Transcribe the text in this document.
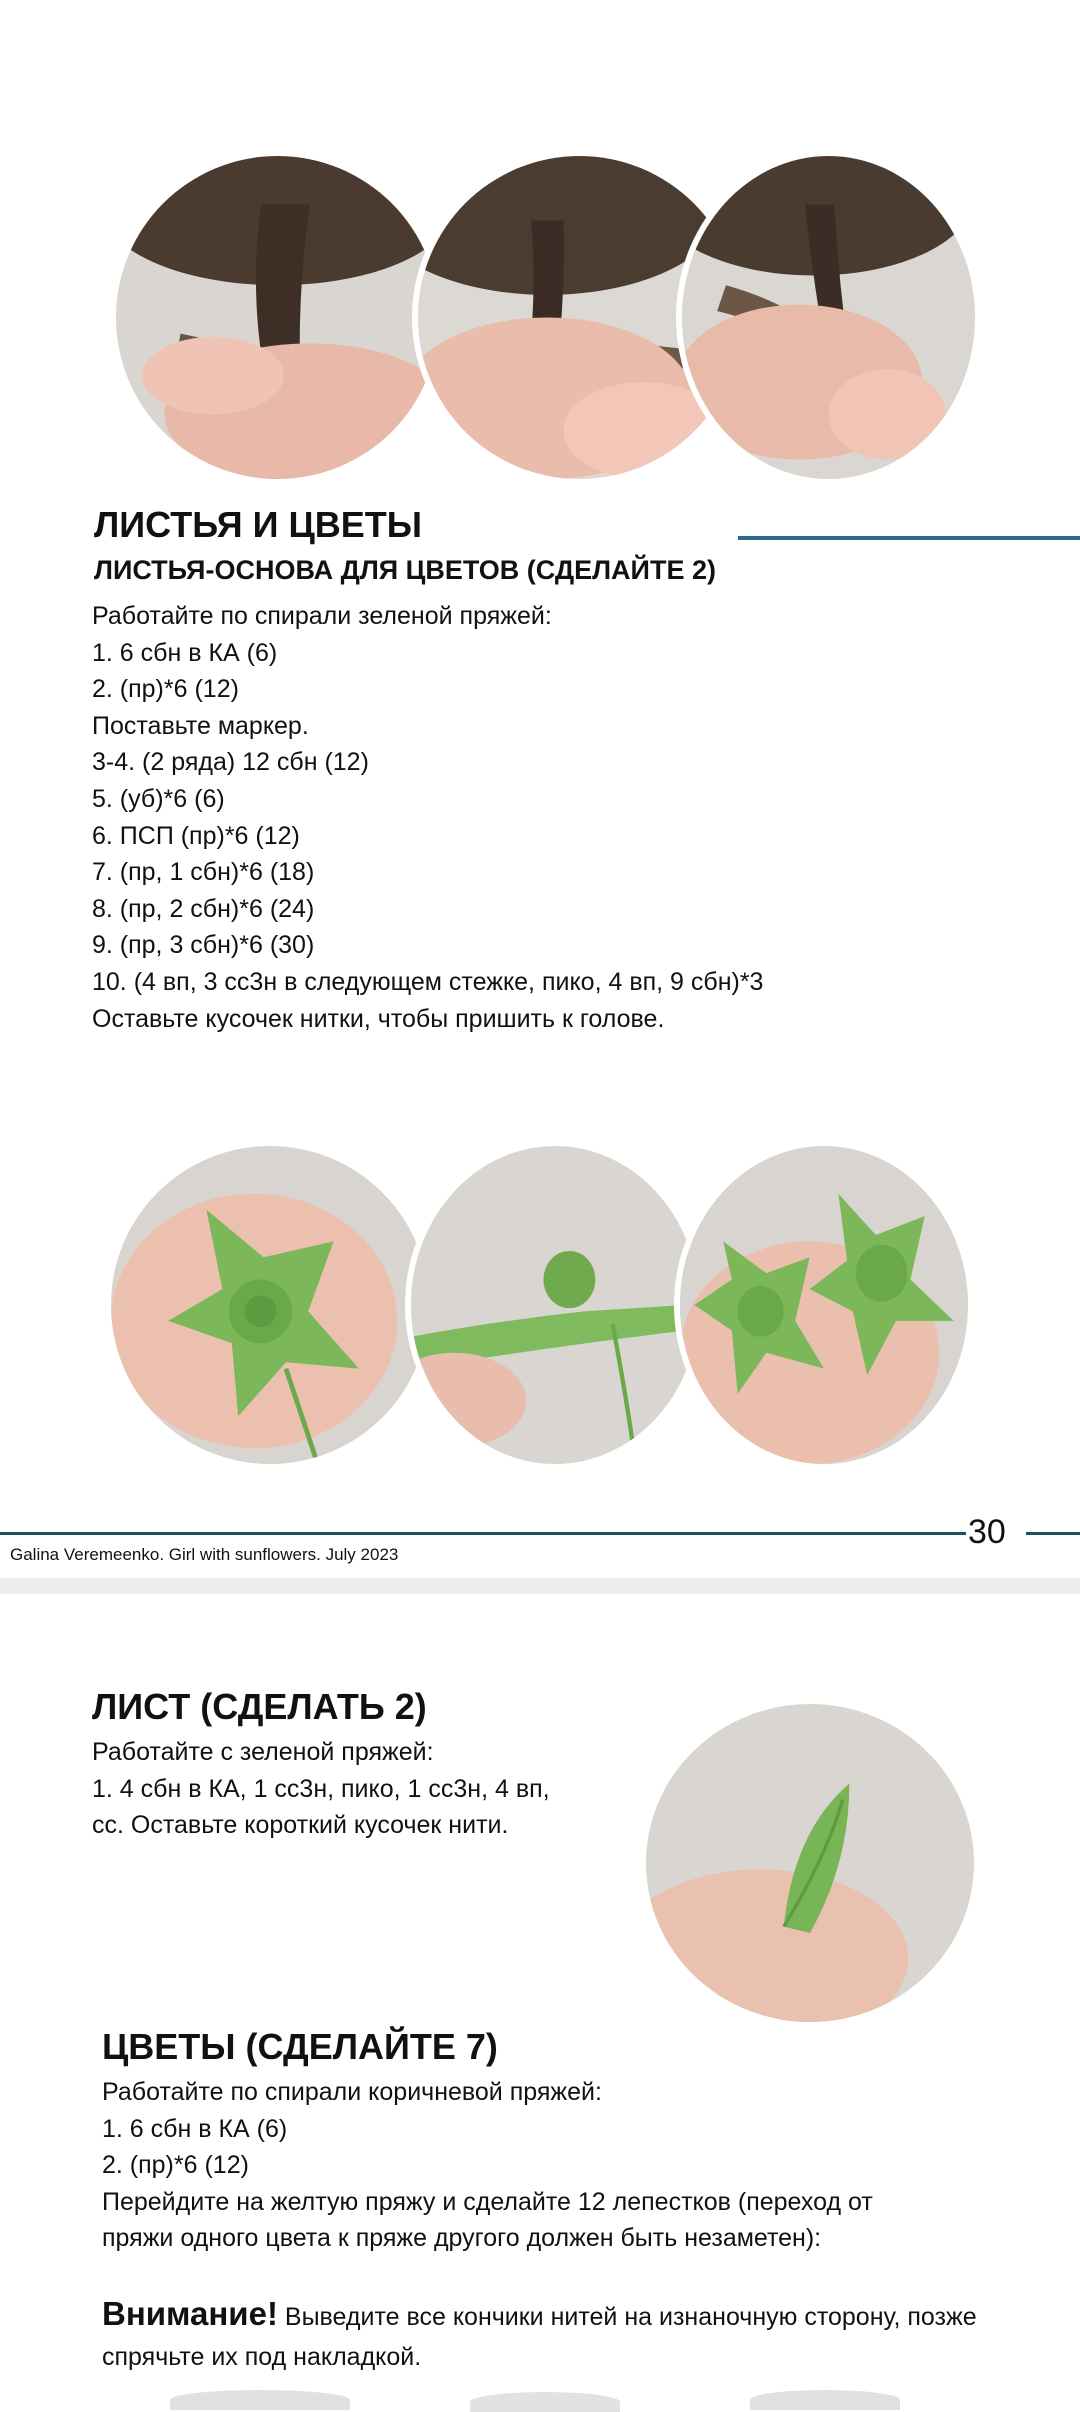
ЛИСТЬЯ И ЦВЕТЫ
ЛИСТЬЯ-ОСНОВА ДЛЯ ЦВЕТОВ (СДЕЛАЙТЕ 2)
Работайте по спирали зеленой пряжей:
1. 6 сбн в КА (6)
2. (пр)*6 (12)
Поставьте маркер.
3-4. (2 ряда) 12 сбн (12)
5. (уб)*6 (6)
6. ПСП (пр)*6 (12)
7. (пр, 1 сбн)*6 (18)
8. (пр, 2 сбн)*6 (24)
9. (пр, 3 сбн)*6 (30)
10. (4 вп, 3 сс3н в следующем стежке, пико, 4 вп, 9 сбн)*3
Оставьте кусочек нитки, чтобы пришить к голове.
30
Galina Veremeenko. Girl with sunflowers. July 2023
ЛИСТ (СДЕЛАТЬ 2)
Работайте с зеленой пряжей:
1. 4 сбн в КА, 1 сс3н, пико, 1 сс3н, 4 вп,
сс. Оставьте короткий кусочек нити.
ЦВЕТЫ (СДЕЛАЙТЕ 7)
Работайте по спирали коричневой пряжей:
1. 6 сбн в КА (6)
2. (пр)*6 (12)
Перейдите на желтую пряжу и сделайте 12 лепестков (переход от
пряжи одного цвета к пряже другого должен быть незаметен):
Внимание! Выведите все кончики нитей на изнаночную сторону, позже спрячьте их под накладкой.
